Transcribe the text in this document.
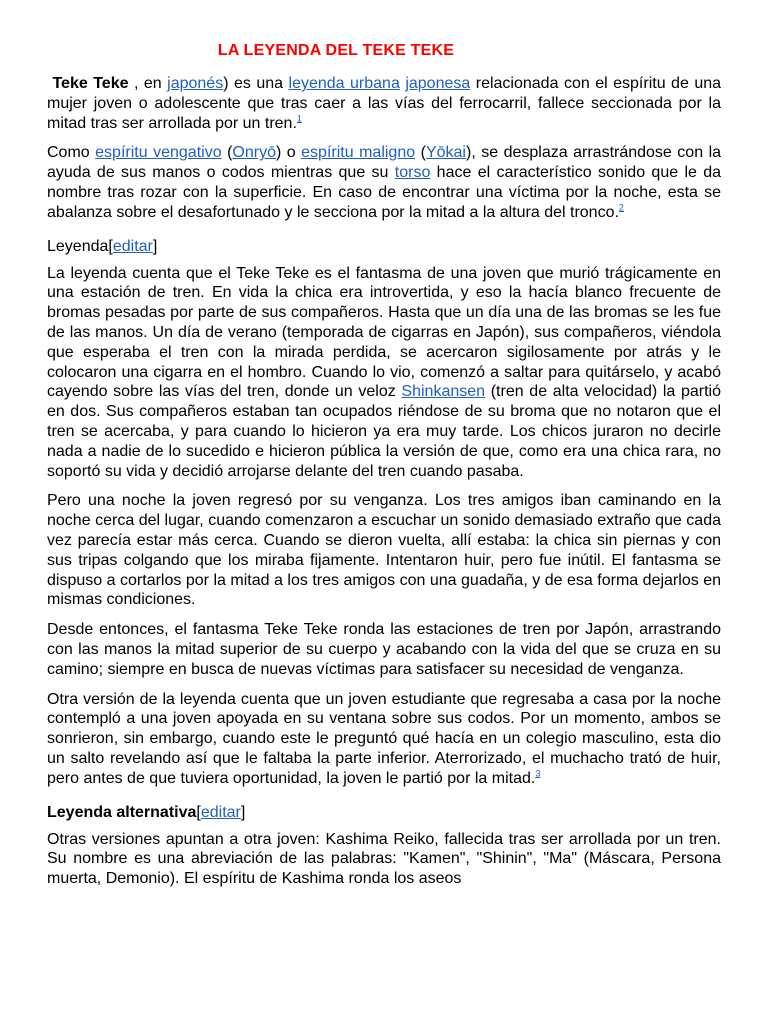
LA LEYENDA DEL TEKE TEKE

Teke Teke , en japonés) es una leyenda urbana japonesa relacionada con el espíritu de una mujer joven o adolescente que tras caer a las vías del ferrocarril, fallece seccionada por la mitad tras ser arrollada por un tren.$^1$

Como espíritu vengativo (Onryō) o espíritu maligno (Yōkai), se desplaza arrastrándose con la ayuda de sus manos o codos mientras que su torso hace el característico sonido que le da nombre tras rozar con la superficie. En caso de encontrar una víctima por la noche, esta se abalanza sobre el desafortunado y le secciona por la mitad a la altura del tronco.$^2$

Leyenda[editar]

La leyenda cuenta que el Teke Teke es el fantasma de una joven que murió trágicamente en una estación de tren. En vida la chica era introvertida, y eso la hacía blanco frecuente de bromas pesadas por parte de sus compañeros. Hasta que un día una de las bromas se les fue de las manos. Un día de verano (temporada de cigarras en Japón), sus compañeros, viéndola que esperaba el tren con la mirada perdida, se acercaron sigilosamente por atrás y le colocaron una cigarra en el hombro. Cuando lo vio, comenzó a saltar para quitárselo, y acabó cayendo sobre las vías del tren, donde un veloz Shinkansen (tren de alta velocidad) la partió en dos. Sus compañeros estaban tan ocupados riéndose de su broma que no notaron que el tren se acercaba, y para cuando lo hicieron ya era muy tarde. Los chicos juraron no decirle nada a nadie de lo sucedido e hicieron pública la versión de que, como era una chica rara, no soportó su vida y decidió arrojarse delante del tren cuando pasaba.

Pero una noche la joven regresó por su venganza. Los tres amigos iban caminando en la noche cerca del lugar, cuando comenzaron a escuchar un sonido demasiado extraño que cada vez parecía estar más cerca. Cuando se dieron vuelta, allí estaba: la chica sin piernas y con sus tripas colgando que los miraba fijamente. Intentaron huir, pero fue inútil. El fantasma se dispuso a cortarlos por la mitad a los tres amigos con una guadaña, y de esa forma dejarlos en mismas condiciones.

Desde entonces, el fantasma Teke Teke ronda las estaciones de tren por Japón, arrastrando con las manos la mitad superior de su cuerpo y acabando con la vida del que se cruza en su camino; siempre en busca de nuevas víctimas para satisfacer su necesidad de venganza.

Otra versión de la leyenda cuenta que un joven estudiante que regresaba a casa por la noche contempló a una joven apoyada en su ventana sobre sus codos. Por un momento, ambos se sonrieron, sin embargo, cuando este le preguntó qué hacía en un colegio masculino, esta dio un salto revelando así que le faltaba la parte inferior. Aterrorizado, el muchacho trató de huir, pero antes de que tuviera oportunidad, la joven le partió por la mitad.$^3$

Leyenda alternativa[editar]

Otras versiones apuntan a otra joven: Kashima Reiko, fallecida tras ser arrollada por un tren. Su nombre es una abreviación de las palabras: "Kamen", "Shinin", "Ma" (Máscara, Persona muerta, Demonio). El espíritu de Kashima ronda los aseos
